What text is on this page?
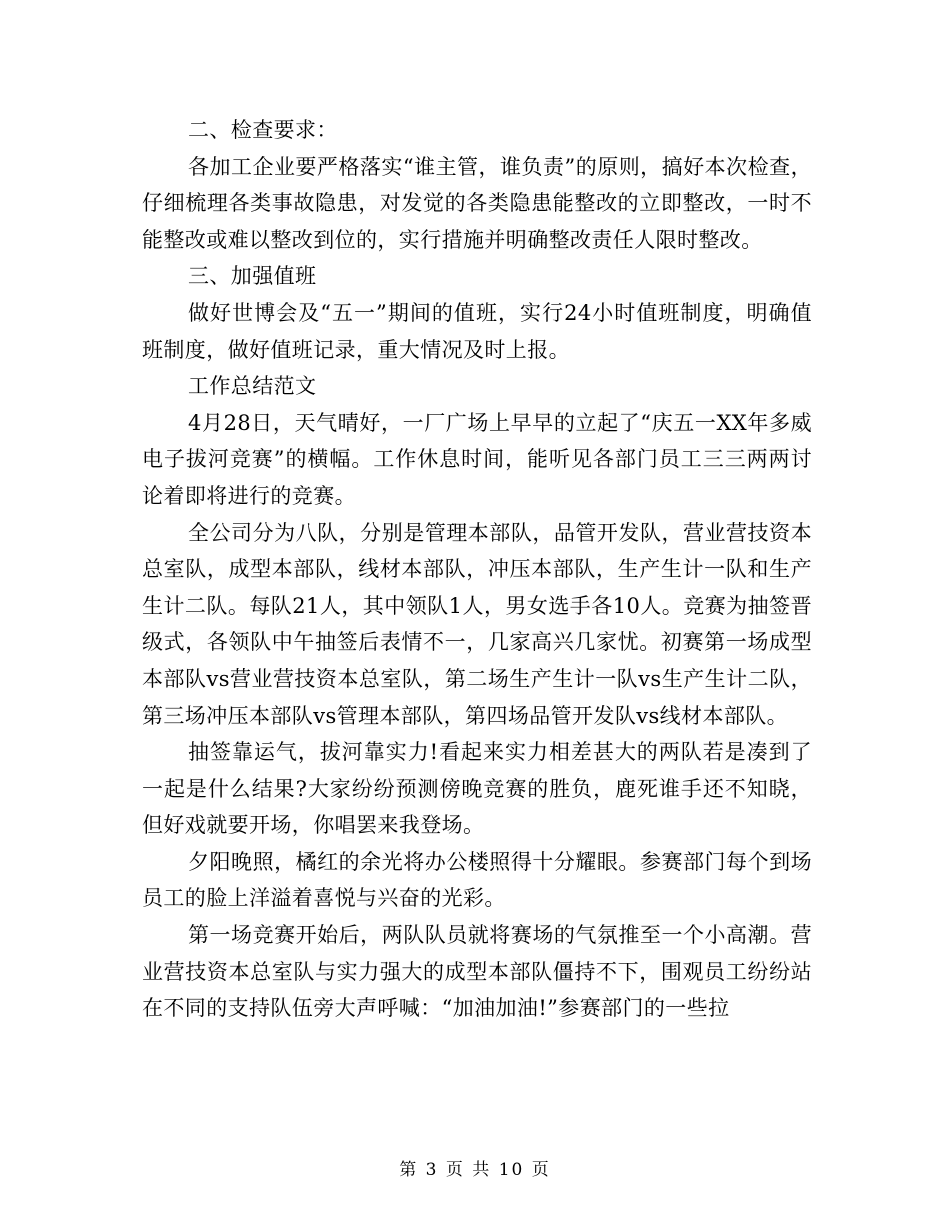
二、检查要求：

各加工企业要严格落实“谁主管，谁负责”的原则，搞好本次检查，仔细梳理各类事故隐患，对发觉的各类隐患能整改的立即整改，一时不能整改或难以整改到位的，实行措施并明确整改责任人限时整改。

三、加强值班

做好世博会及“五一”期间的值班，实行24小时值班制度，明确值班制度，做好值班记录，重大情况及时上报。

工作总结范文

4月28日，天气晴好，一厂广场上早早的立起了“庆五一XX年多威电子拔河竞赛”的横幅。工作休息时间，能听见各部门员工三三两两讨论着即将进行的竞赛。

全公司分为八队，分别是管理本部队，品管开发队，营业营技资本总室队，成型本部队，线材本部队，冲压本部队，生产生计一队和生产生计二队。每队21人，其中领队1人，男女选手各10人。竞赛为抽签晋级式，各领队中午抽签后表情不一，几家高兴几家忧。初赛第一场成型本部队vs营业营技资本总室队，第二场生产生计一队vs生产生计二队，第三场冲压本部队vs管理本部队，第四场品管开发队vs线材本部队。

抽签靠运气，拔河靠实力!看起来实力相差甚大的两队若是凑到了一起是什么结果?大家纷纷预测傍晚竞赛的胜负，鹿死谁手还不知晓，但好戏就要开场，你唱罢来我登场。

夕阳晚照，橘红的余光将办公楼照得十分耀眼。参赛部门每个到场员工的脸上洋溢着喜悦与兴奋的光彩。

第一场竞赛开始后，两队队员就将赛场的气氛推至一个小高潮。营业营技资本总室队与实力强大的成型本部队僵持不下，围观员工纷纷站在不同的支持队伍旁大声呼喊：“加油加油!”参赛部门的一些拉

第 3 页 共 10 页
